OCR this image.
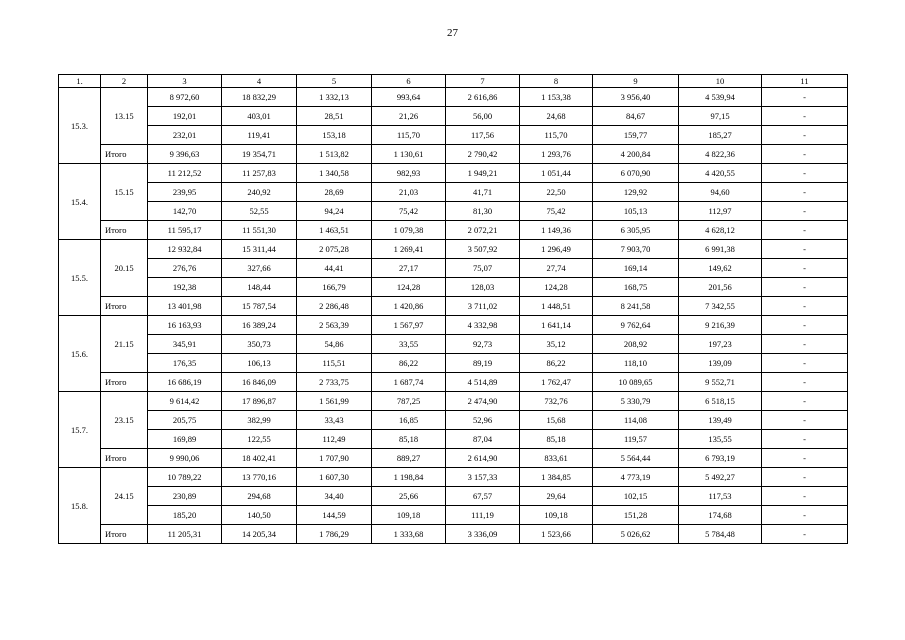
27
1.	2	3	4	5	6	7	8	9	10	11
15.3.	13.15	8 972,60	18 832,29	1 332,13	993,64	2 616,86	1 153,38	3 956,40	4 539,94	-
		192,01	403,01	28,51	21,26	56,00	24,68	84,67	97,15	-
		232,01	119,41	153,18	115,70	117,56	115,70	159,77	185,27	-
	Итого	9 396,63	19 354,71	1 513,82	1 130,61	2 790,42	1 293,76	4 200,84	4 822,36	-
15.4.	15.15	11 212,52	11 257,83	1 340,58	982,93	1 949,21	1 051,44	6 070,90	4 420,55	-
		239,95	240,92	28,69	21,03	41,71	22,50	129,92	94,60	-
		142,70	52,55	94,24	75,42	81,30	75,42	105,13	112,97	-
	Итого	11 595,17	11 551,30	1 463,51	1 079,38	2 072,21	1 149,36	6 305,95	4 628,12	-
15.5.	20.15	12 932,84	15 311,44	2 075,28	1 269,41	3 507,92	1 296,49	7 903,70	6 991,38	-
		276,76	327,66	44,41	27,17	75,07	27,74	169,14	149,62	-
		192,38	148,44	166,79	124,28	128,03	124,28	168,75	201,56	-
	Итого	13 401,98	15 787,54	2 286,48	1 420,86	3 711,02	1 448,51	8 241,58	7 342,55	-
15.6.	21.15	16 163,93	16 389,24	2 563,39	1 567,97	4 332,98	1 641,14	9 762,64	9 216,39	-
		345,91	350,73	54,86	33,55	92,73	35,12	208,92	197,23	-
		176,35	106,13	115,51	86,22	89,19	86,22	118,10	139,09	-
	Итого	16 686,19	16 846,09	2 733,75	1 687,74	4 514,89	1 762,47	10 089,65	9 552,71	-
15.7.	23.15	9 614,42	17 896,87	1 561,99	787,25	2 474,90	732,76	5 330,79	6 518,15	-
		205,75	382,99	33,43	16,85	52,96	15,68	114,08	139,49	-
		169,89	122,55	112,49	85,18	87,04	85,18	119,57	135,55	-
	Итого	9 990,06	18 402,41	1 707,90	889,27	2 614,90	833,61	5 564,44	6 793,19	-
15.8.	24.15	10 789,22	13 770,16	1 607,30	1 198,84	3 157,33	1 384,85	4 773,19	5 492,27	-
		230,89	294,68	34,40	25,66	67,57	29,64	102,15	117,53	-
		185,20	140,50	144,59	109,18	111,19	109,18	151,28	174,68	-
	Итого	11 205,31	14 205,34	1 786,29	1 333,68	3 336,09	1 523,66	5 026,62	5 784,48	-
